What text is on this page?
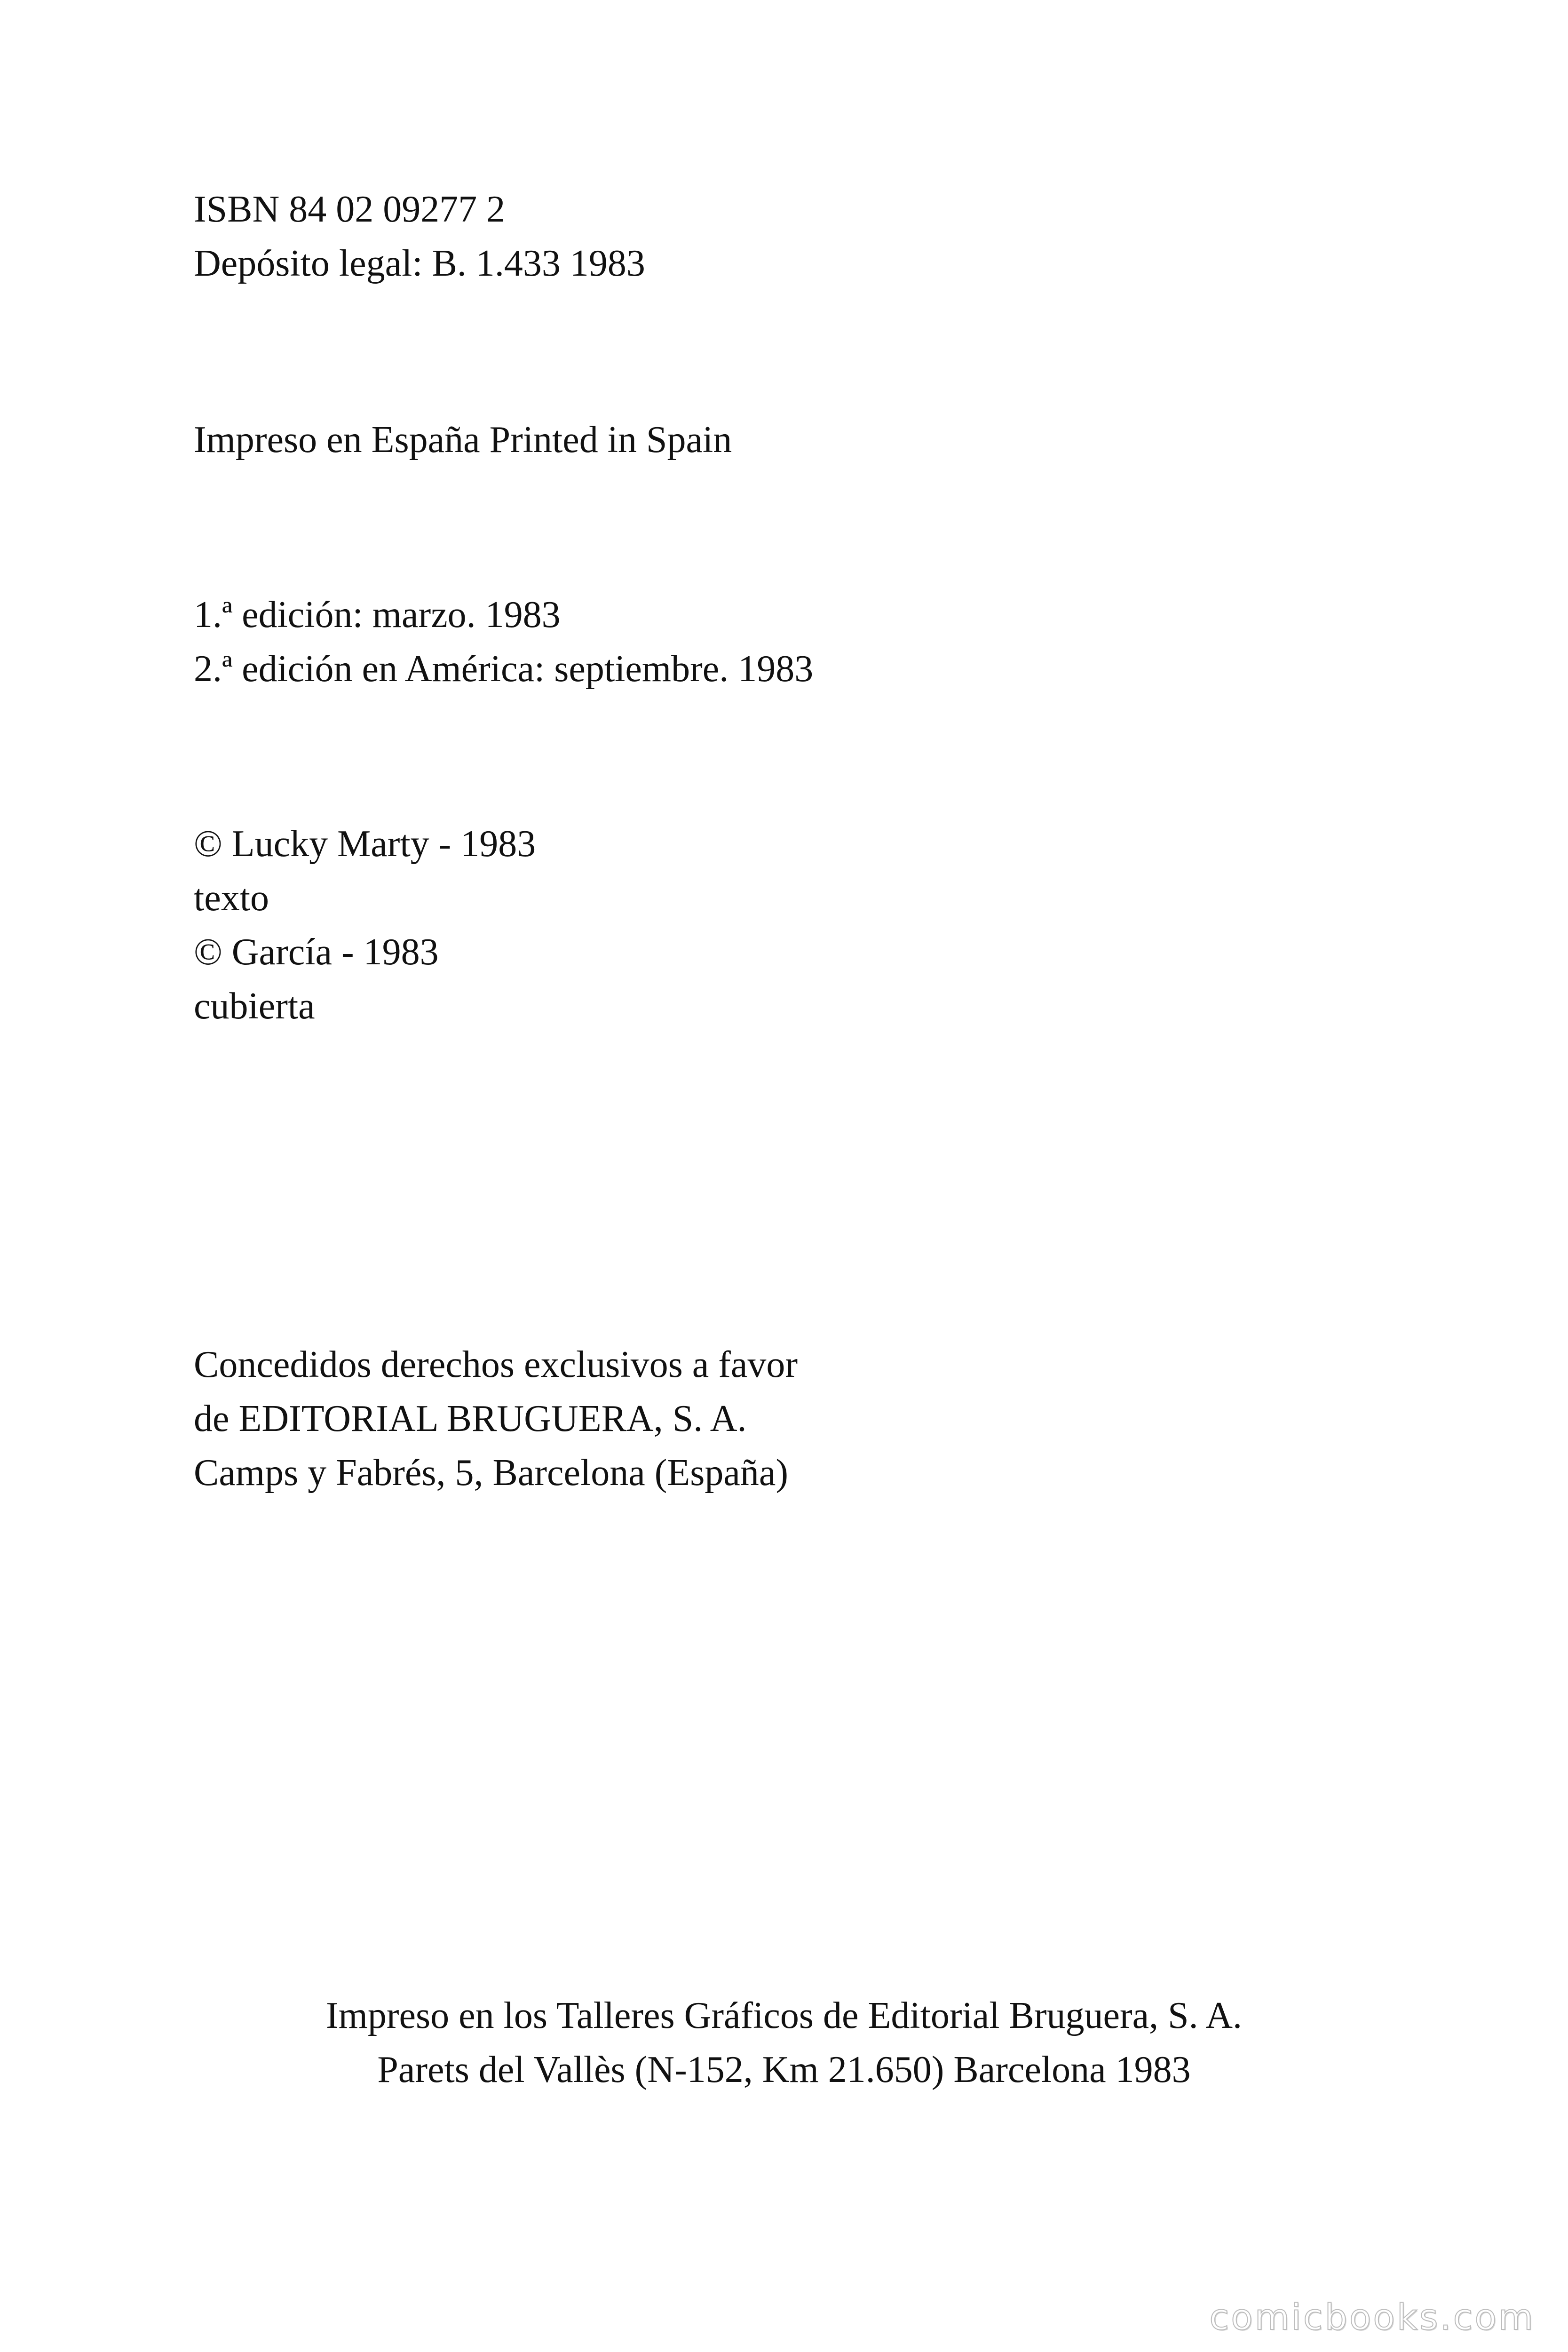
ISBN 84 02 09277 2

Depósito legal: B. 1.433 1983

Impreso en España Printed in Spain

1.ª edición: marzo. 1983

2.ª edición en América: septiembre. 1983

© Lucky Marty - 1983

texto

© García - 1983

cubierta

Concedidos derechos exclusivos a favor

de EDITORIAL BRUGUERA, S. A.

Camps y Fabrés, 5, Barcelona (España)

Impreso en los Talleres Gráficos de Editorial Bruguera, S. A.

Parets del Vallès (N-152, Km 21.650) Barcelona 1983

comicbooks.com
